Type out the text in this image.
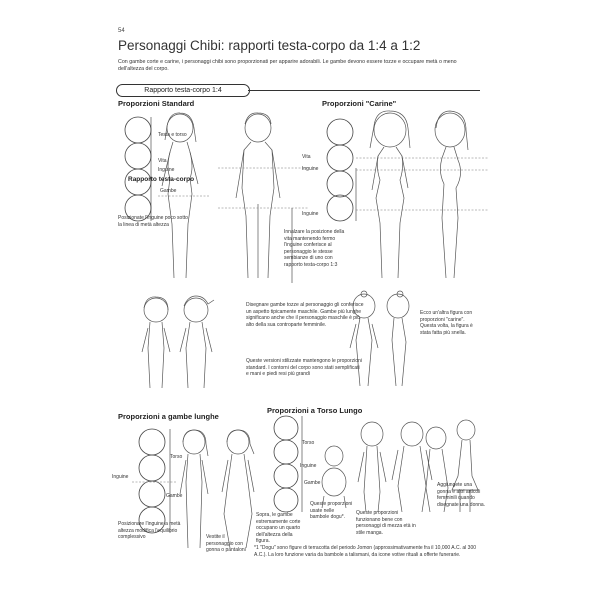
54
Personaggi Chibi: rapporti testa-corpo da 1:4 a 1:2
Con gambe corte e carine, i personaggi chibi sono proporzionati per apparire adorabili. Le gambe devono essere tozze e occupare metà o meno dell'altezza del corpo.
Rapporto testa-corpo 1:4
Proporzioni Standard
Testa e torso
Vita
Inguine
Rapporto testa-corpo
Gambe
Posizionate l'inguine poco sotto la linea di metà altezza
Proporzioni "Carine"
Vita
Inguine
Inguine
Innalzare la posizione della vita mantenendo fermo l'inguine conferisce al personaggio le stesse sembianze di uno con rapporto testa-corpo 1:3
Disegnare gambe tozze al personaggio gli conferisce un aspetto tipicamente maschile. Gambe più lunghe significano anche che il personaggio maschile è più alto della sua controparte femminile.
Queste versioni stilizzate mantengono le proporzioni standard. I contorni del corpo sono stati semplificati e mani e piedi resi più grandi
Ecco un'altra figura con proporzioni "carine". Questa volta, la figura è stata fatta più snella.
Proporzioni a gambe lunghe
Torso
Inguine
Gambe
Posizionare l'inguine a metà altezza modifica l'equilibrio complessivo	Vestite il personaggio con gonna o pantaloni
Proporzioni a Torso Lungo
Torso
Inguine
Gambe
Sopra, le gambe estremamente corte occupano un quarto dell'altezza della figura.
Queste proporzioni usate nelle bambole dogu*.
Queste proporzioni funzionano bene con personaggi di mezza età in stile manga.
Aggiungete una gonna e altri articoli femminili quando disegnate una donna.
*1 "Dogu" sono figure di terracotta del periodo Jomon (approssimativamente fra il 10,000 A.C. al 300 A.C.). La loro funzione varia da bambole a talismani, da icone votive rituali a offerte funerarie.
